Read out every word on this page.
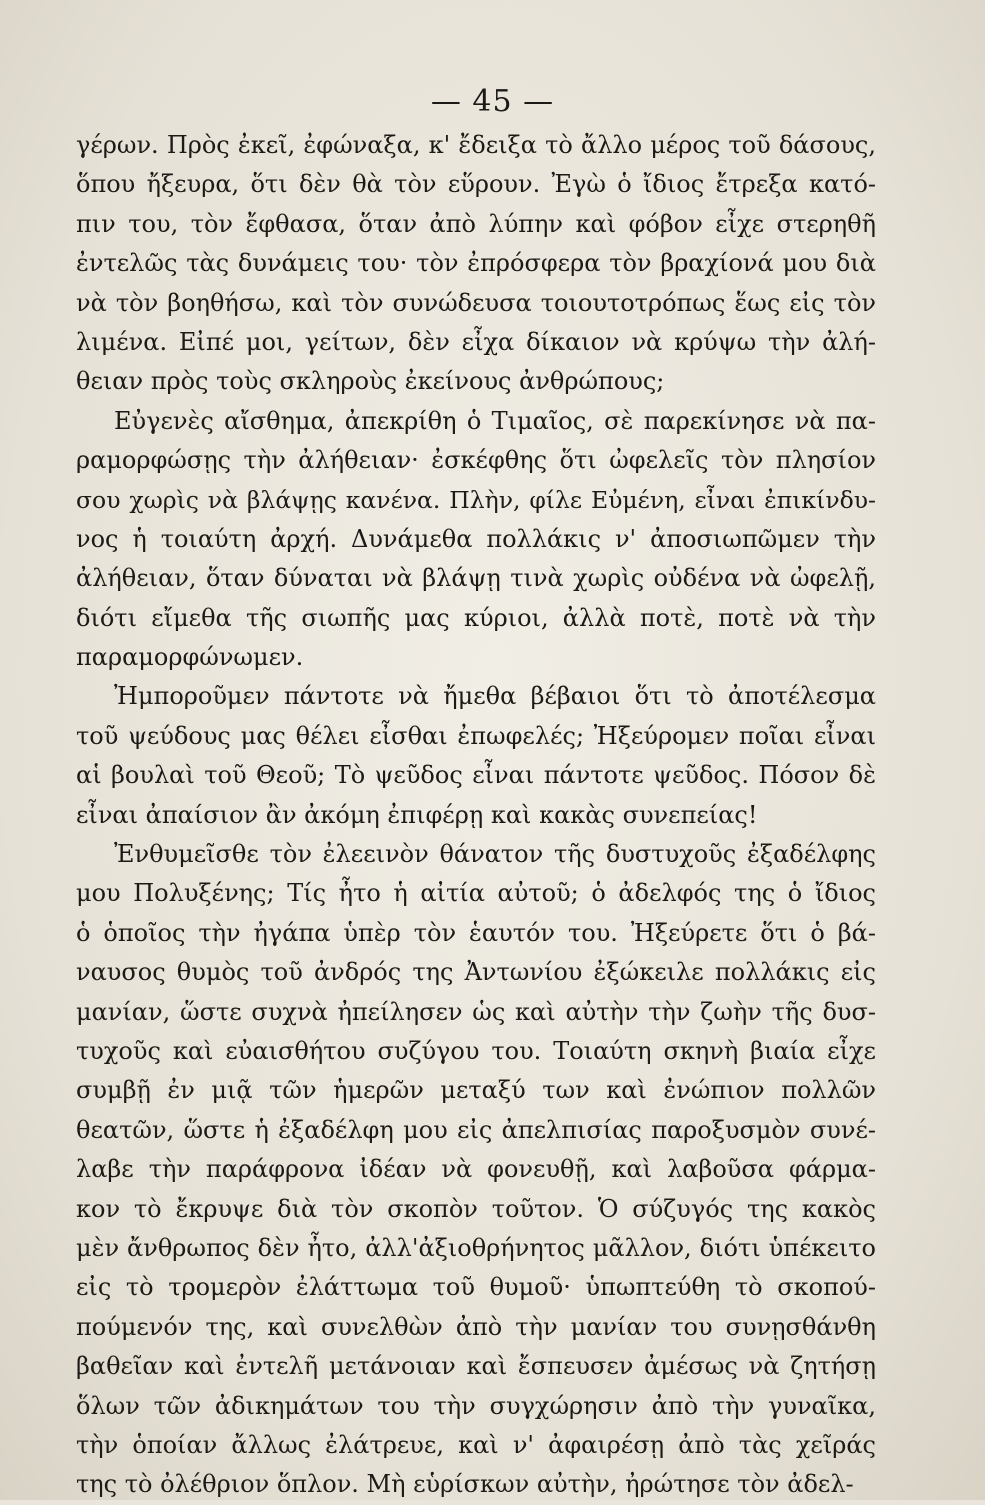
— 45 —
γέρων. Πρὸς ἐκεῖ, ἐφώναξα, κ' ἔδειξα τὸ ἄλλο μέρος τοῦ δάσους,
ὅπου ἤξευρα, ὅτι δὲν θὰ τὸν εὕρουν. Ἐγὼ ὁ ἴδιος ἔτρεξα κατό-
πιν του, τὸν ἔφθασα, ὅταν ἀπὸ λύπην καὶ φόβον εἶχε στερηθῆ
ἐντελῶς τὰς δυνάμεις του· τὸν ἐπρόσφερα τὸν βραχίονά μου διὰ
νὰ τὸν βοηθήσω, καὶ τὸν συνώδευσα τοιουτοτρόπως ἕως εἰς τὸν
λιμένα. Εἰπέ μοι, γείτων, δὲν εἶχα δίκαιον νὰ κρύψω τὴν ἀλή-
θειαν πρὸς τοὺς σκληροὺς ἐκείνους ἀνθρώπους;
Εὐγενὲς αἴσθημα, ἀπεκρίθη ὁ Τιμαῖος, σὲ παρεκίνησε νὰ πα-
ραμορφώσῃς τὴν ἀλήθειαν· ἐσκέφθης ὅτι ὠφελεῖς τὸν πλησίον
σου χωρὶς νὰ βλάψῃς κανένα. Πλὴν, φίλε Εὐμένη, εἶναι ἐπικίνδυ-
νος ἡ τοιαύτη ἀρχή. Δυνάμεθα πολλάκις ν' ἀποσιωπῶμεν τὴν
ἀλήθειαν, ὅταν δύναται νὰ βλάψῃ τινὰ χωρὶς οὐδένα νὰ ὠφελῇ,
διότι εἴμεθα τῆς σιωπῆς μας κύριοι, ἀλλὰ ποτὲ, ποτὲ νὰ τὴν
παραμορφώνωμεν.
Ἠμποροῦμεν πάντοτε νὰ ἤμεθα βέβαιοι ὅτι τὸ ἀποτέλεσμα
τοῦ ψεύδους μας θέλει εἶσθαι ἐπωφελές; Ἠξεύρομεν ποῖαι εἶναι
αἱ βουλαὶ τοῦ Θεοῦ; Τὸ ψεῦδος εἶναι πάντοτε ψεῦδος. Πόσον δὲ
εἶναι ἀπαίσιον ἂν ἀκόμη ἐπιφέρῃ καὶ κακὰς συνεπείας!
Ἐνθυμεῖσθε τὸν ἐλεεινὸν θάνατον τῆς δυστυχοῦς ἐξαδέλφης
μου Πολυξένης; Τίς ἦτο ἡ αἰτία αὐτοῦ; ὁ ἀδελφός της ὁ ἴδιος
ὁ ὁποῖος τὴν ἠγάπα ὑπὲρ τὸν ἑαυτόν του. Ἠξεύρετε ὅτι ὁ βά-
ναυσος θυμὸς τοῦ ἀνδρός της Ἀντωνίου ἐξώκειλε πολλάκις εἰς
μανίαν, ὥστε συχνὰ ἠπείλησεν ὡς καὶ αὐτὴν τὴν ζωὴν τῆς δυσ-
τυχοῦς καὶ εὐαισθήτου συζύγου του. Τοιαύτη σκηνὴ βιαία εἶχε
συμβῇ ἐν μιᾷ τῶν ἡμερῶν μεταξύ των καὶ ἐνώπιον πολλῶν
θεατῶν, ὥστε ἡ ἐξαδέλφη μου εἰς ἀπελπισίας παροξυσμὸν συνέ-
λαβε τὴν παράφρονα ἰδέαν νὰ φονευθῇ, καὶ λαβοῦσα φάρμα-
κον τὸ ἔκρυψε διὰ τὸν σκοπὸν τοῦτον. Ὁ σύζυγός της κακὸς
μὲν ἄνθρωπος δὲν ἦτο, ἀλλ'ἀξιοθρήνητος μᾶλλον, διότι ὑπέκειτο
εἰς τὸ τρομερὸν ἐλάττωμα τοῦ θυμοῦ· ὑπωπτεύθη τὸ σκοπού-
πούμενόν της, καὶ συνελθὼν ἀπὸ τὴν μανίαν του συνῃσθάνθη
βαθεῖαν καὶ ἐντελῆ μετάνοιαν καὶ ἔσπευσεν ἀμέσως νὰ ζητήσῃ
ὅλων τῶν ἀδικημάτων του τὴν συγχώρησιν ἀπὸ τὴν γυναῖκα,
τὴν ὁποίαν ἄλλως ἐλάτρευε, καὶ ν' ἀφαιρέσῃ ἀπὸ τὰς χεῖράς
της τὸ ὀλέθριον ὅπλον. Μὴ εὑρίσκων αὐτὴν, ἠρώτησε τὸν ἀδελ-
